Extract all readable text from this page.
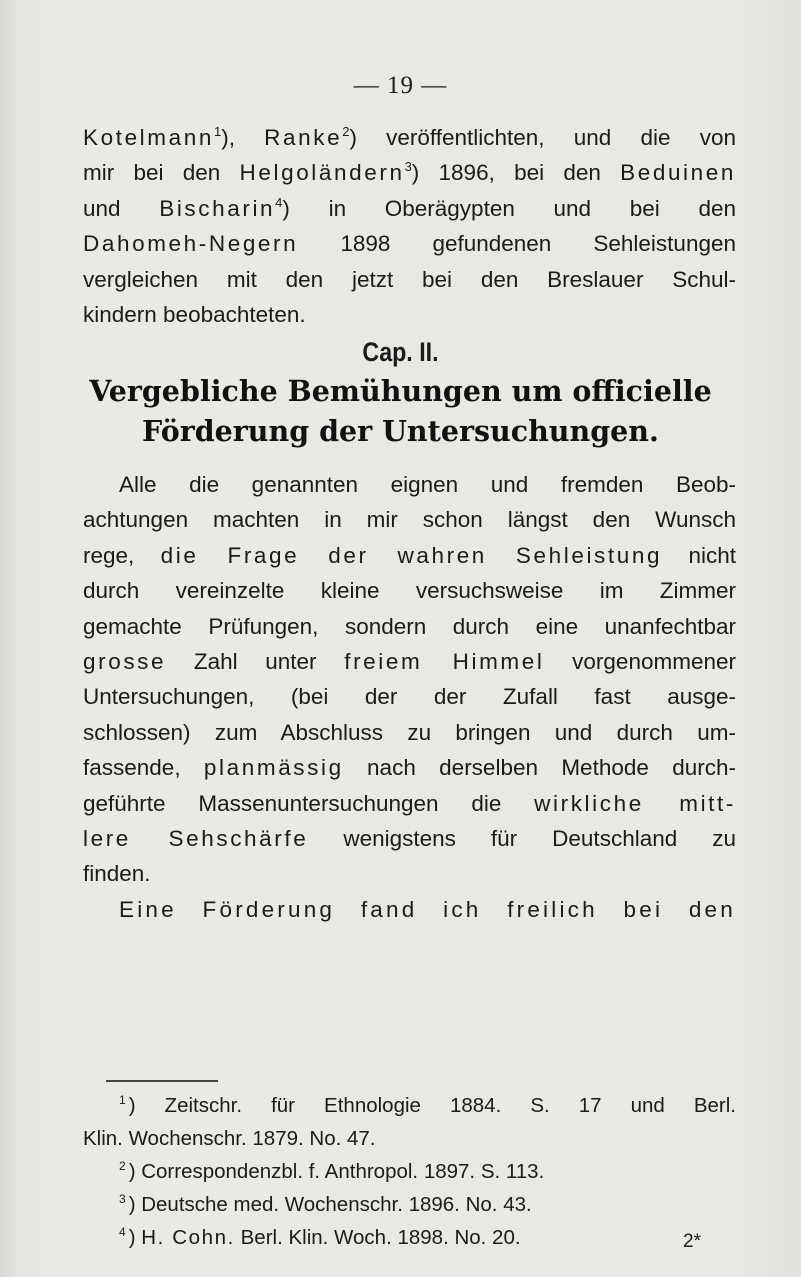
— 19 —
Kotelmann$^1$), Ranke$^2$) veröffentlichten, und die von
mir bei den Helgoländern$^3$) 1896, bei den Beduinen
und Bischarin$^4$) in Oberägypten und bei den
Dahomeh-Negern 1898 gefundenen Sehleistungen
vergleichen mit den jetzt bei den Breslauer Schul-
kindern beobachteten.
Cap. II.
Vergebliche Bemühungen um officielle
Förderung der Untersuchungen.
Alle die genannten eignen und fremden Beob-
achtungen machten in mir schon längst den Wunsch
rege, die Frage der wahren Sehleistung nicht
durch vereinzelte kleine versuchsweise im Zimmer
gemachte Prüfungen, sondern durch eine unanfechtbar
grosse Zahl unter freiem Himmel vorgenommener
Untersuchungen, (bei der der Zufall fast ausge-
schlossen) zum Abschluss zu bringen und durch um-
fassende, planmässig nach derselben Methode durch-
geführte Massenuntersuchungen die wirkliche mitt-
lere Sehschärfe wenigstens für Deutschland zu
finden.
Eine Förderung fand ich freilich bei den
$^1$ ) Zeitschr. für Ethnologie 1884. S. 17 und Berl.
Klin. Wochenschr. 1879. No. 47.
$^2$ ) Correspondenzbl. f. Anthropol. 1897. S. 113.
$^3$ ) Deutsche med. Wochenschr. 1896. No. 43.
$^4$ ) H. Cohn. Berl. Klin. Woch. 1898. No. 20.	2*
